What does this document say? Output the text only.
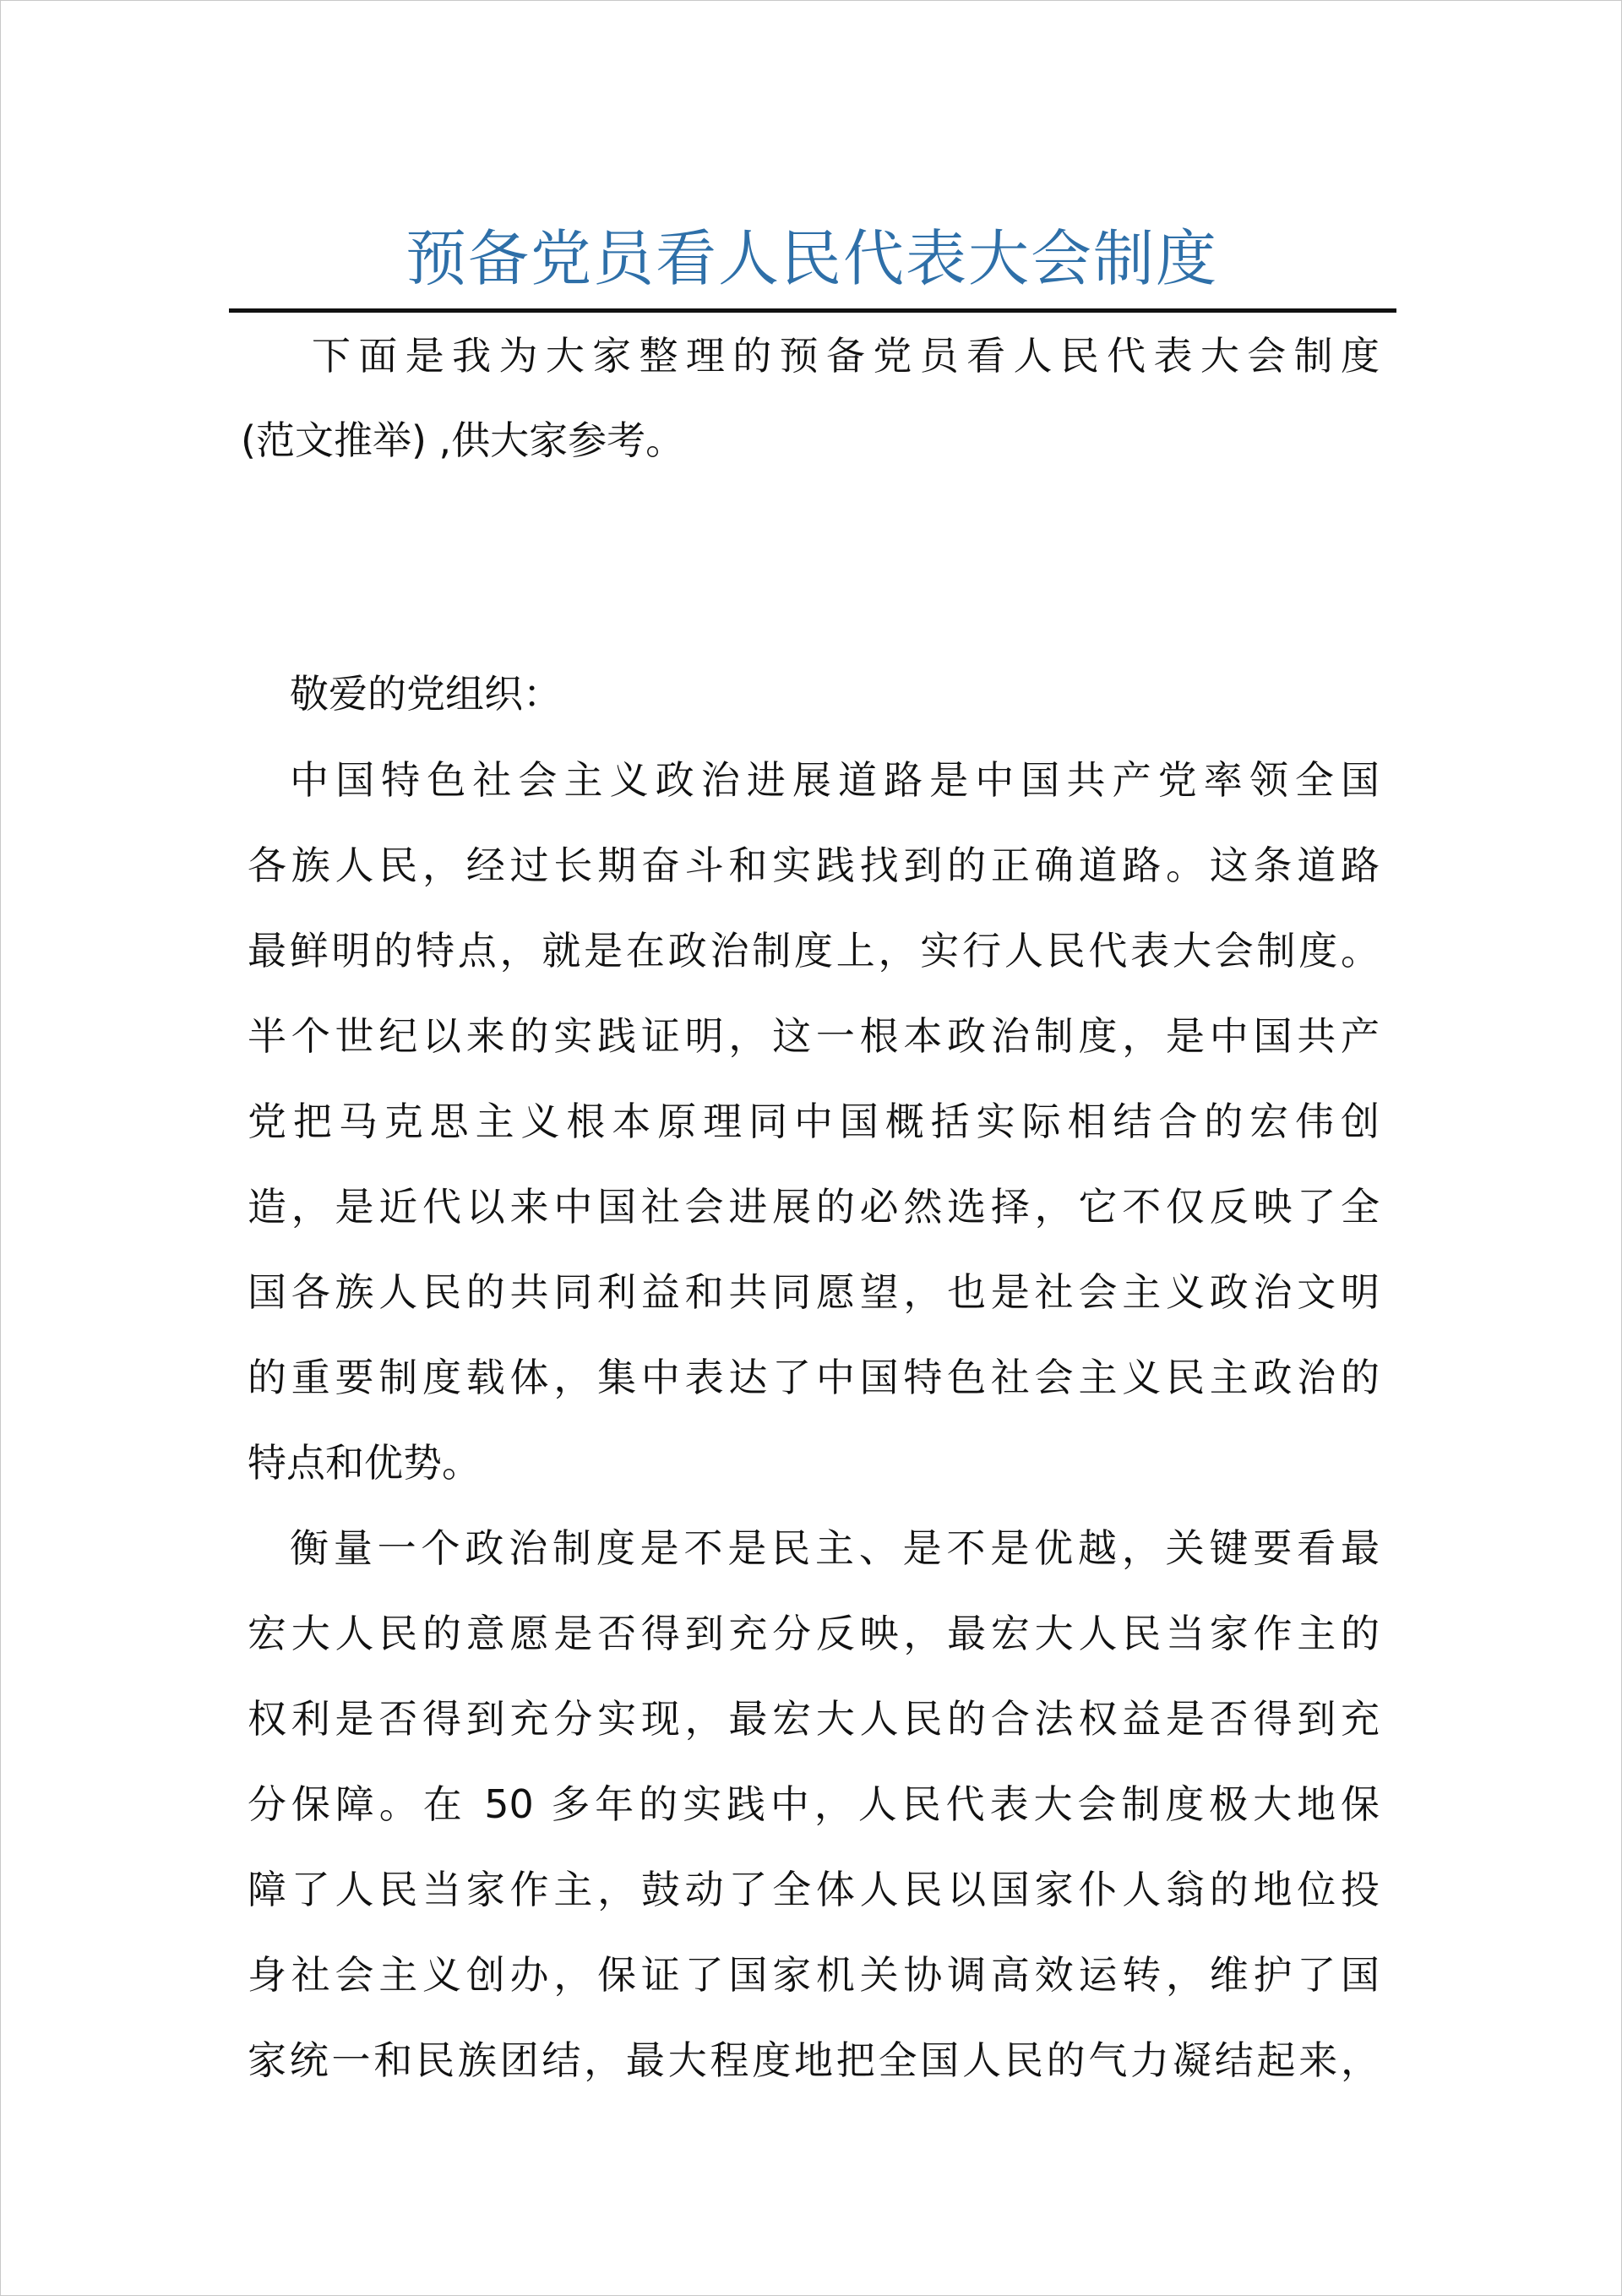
预备党员看人民代表大会制度
下面是我为大家整理的预备党员看人民代表大会制度
(范文推举) ,供大家参考。
敬爱的党组织：
中国特色社会主义政治进展道路是中国共产党率领全国
各族人民，经过长期奋斗和实践找到的正确道路。这条道路
最鲜明的特点，就是在政治制度上，实行人民代表大会制度。
半个世纪以来的实践证明，这一根本政治制度，是中国共产
党把马克思主义根本原理同中国概括实际相结合的宏伟创
造，是近代以来中国社会进展的必然选择，它不仅反映了全
国各族人民的共同利益和共同愿望，也是社会主义政治文明
的重要制度载体，集中表达了中国特色社会主义民主政治的
特点和优势。
衡量一个政治制度是不是民主、是不是优越，关键要看最
宏大人民的意愿是否得到充分反映，最宏大人民当家作主的
权利是否得到充分实现，最宏大人民的合法权益是否得到充
分保障。在 50 多年的实践中，人民代表大会制度极大地保
障了人民当家作主，鼓动了全体人民以国家仆人翁的地位投
身社会主义创办，保证了国家机关协调高效运转，维护了国
家统一和民族团结，最大程度地把全国人民的气力凝结起来，
